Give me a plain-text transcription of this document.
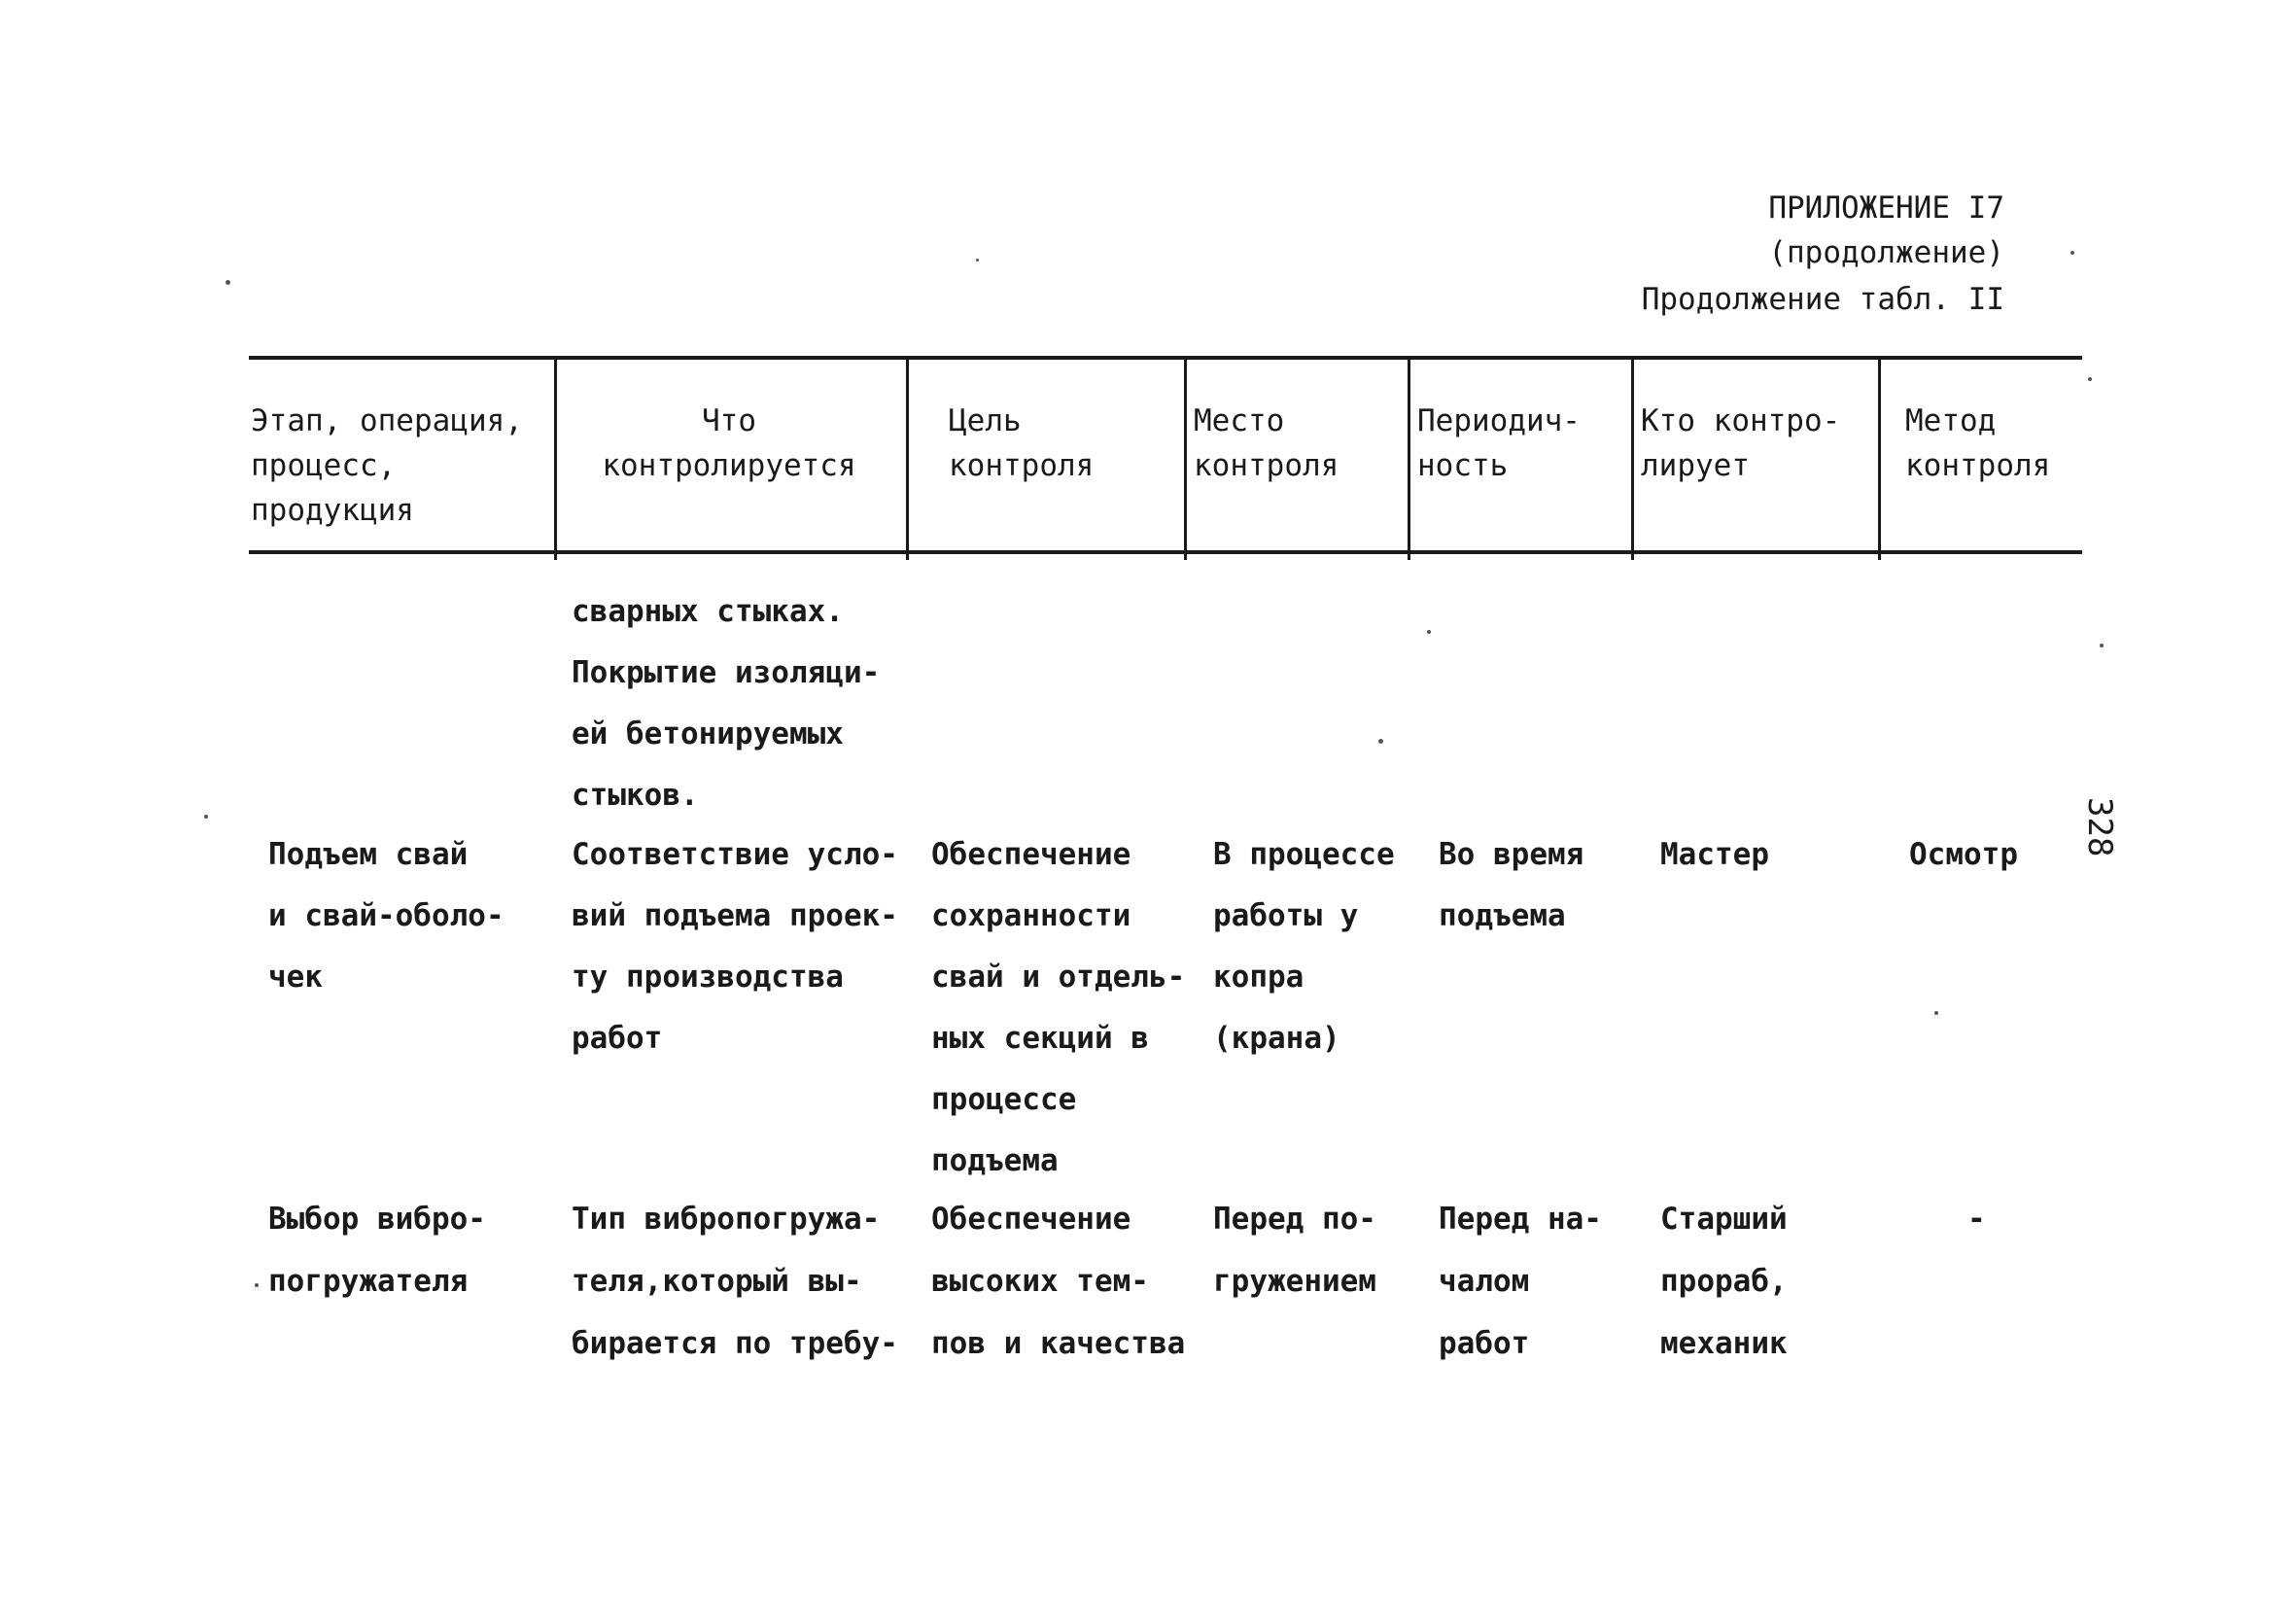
ПРИЛОЖЕНИЕ I7
(продолжение)
Продолжение табл. II
Этап, операция,
процесс,
продукция
Что
контролируется
Цель
контроля
Место
контроля
Периодич-
ность
Кто контро-
лирует
Метод
контроля
сварных стыках.
Покрытие изоляци-
ей бетонируемых
стыков.
Подъем свай
и свай-оболо-
чек
Соответствие усло-
вий подъема проек-
ту производства
работ
Обеспечение
сохранности
свай и отдель-
ных секций в
процессе
подъема
В процессе
работы у
копра
(крана)
Во время
подъема
Мастер	Осмотр
Выбор вибро-
погружателя
Тип вибропогружа-
теля,который вы-
бирается по требу-
Обеспечение
высоких тем-
пов и качества
Перед по-
гружением
Перед на-
чалом
работ
Старший
прораб,
механик
-
328
